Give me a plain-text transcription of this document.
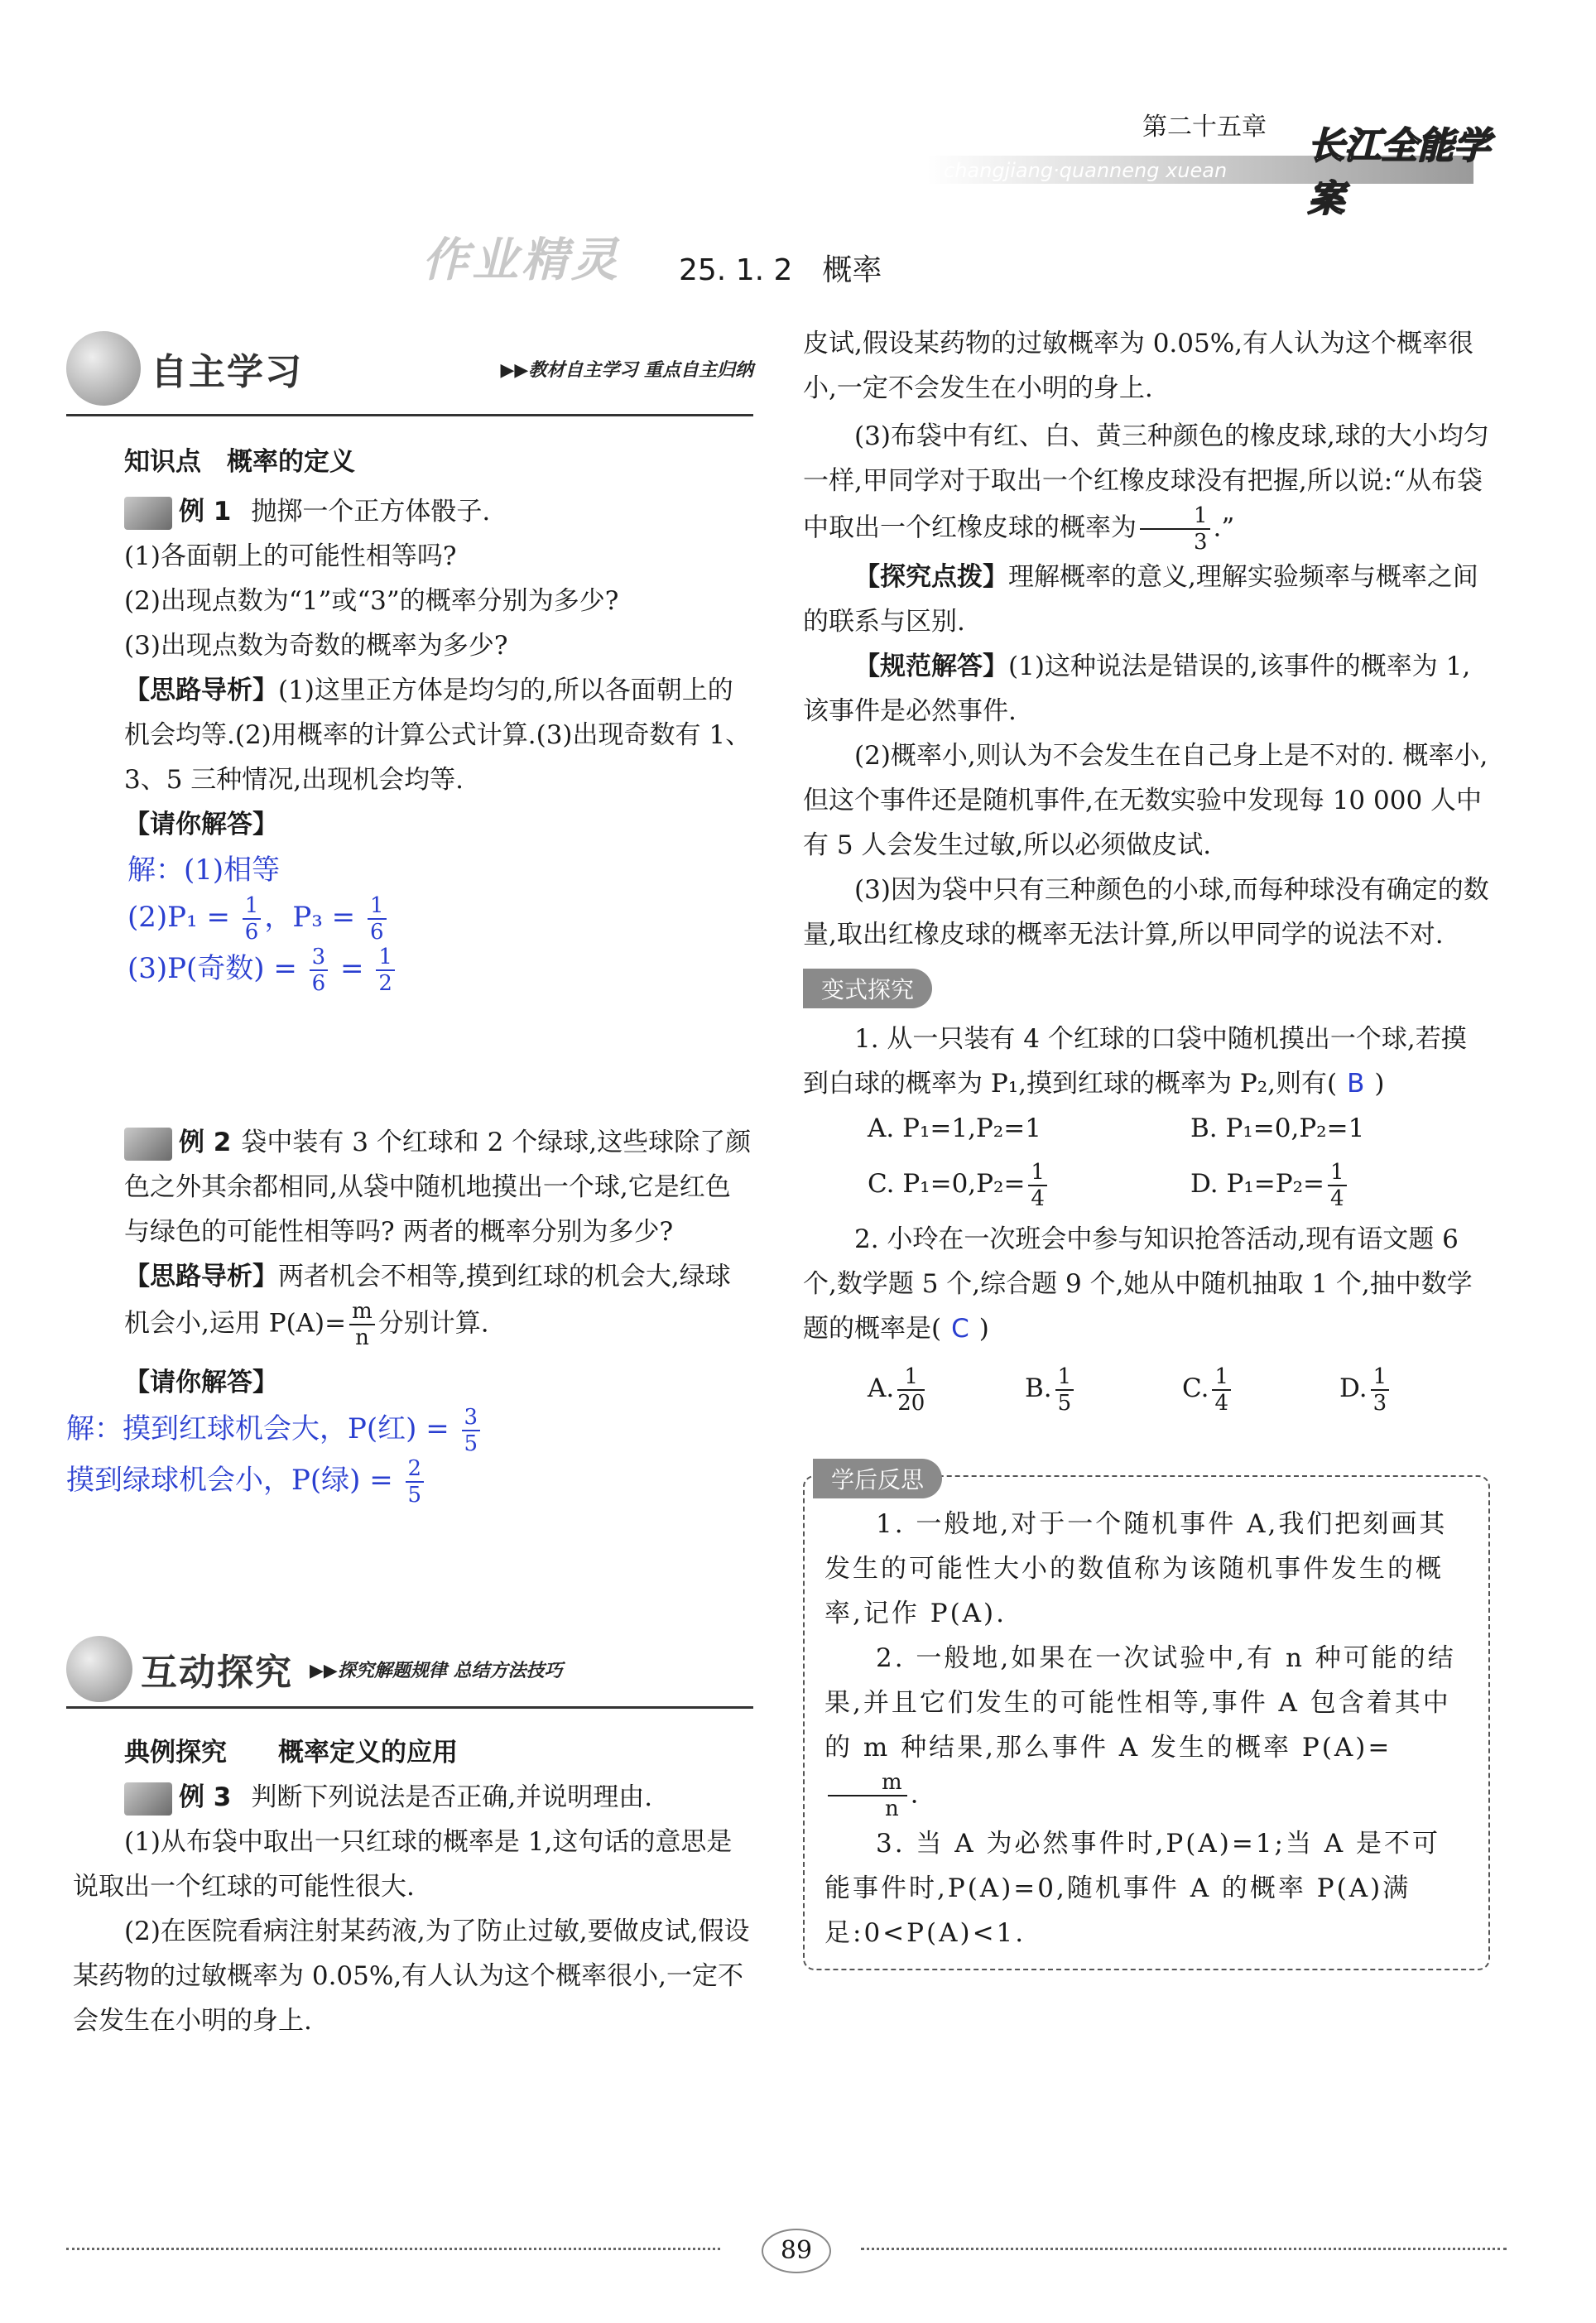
第二十五章
changjiang·quanneng xuean
长江全能学案
作业精灵 25. 1. 2　概率
自主学习	▶▶教材自主学习 重点自主归纳

知识点　概率的定义

例 1 抛掷一个正方体骰子.

(1)各面朝上的可能性相等吗?

(2)出现点数为“1”或“3”的概率分别为多少?

(3)出现点数为奇数的概率为多少?

【思路导析】(1)这里正方体是均匀的,所以各面朝上的机会均等.(2)用概率的计算公式计算.(3)出现奇数有 1、3、5 三种情况,出现机会均等.

【请你解答】

解：(1)相等
$(2)P_1 = \frac{1}{6}$ ，$P_3 = \frac{1}{6}$
(3)P(奇数) = $\frac{3}{6} = \frac{1}{2}$

例 2 袋中装有 3 个红球和 2 个绿球,这些球除了颜色之外其余都相同,从袋中随机地摸出一个球,它是红色与绿色的可能性相等吗? 两者的概率分别为多少?

【思路导析】两者机会不相等,摸到红球的机会大,绿球机会小,运用 $P(A)= \frac{m}{n}$ 分别计算.

【请你解答】

解：摸到红球机会大，P(红) = $\frac{3}{5}$
摸到绿球机会小，P(绿) = $\frac{2}{5}$
互动探究 ▶▶探究解题规律 总结方法技巧

典例探究　　概率定义的应用

例 3 判断下列说法是否正确,并说明理由.

(1)从布袋中取出一只红球的概率是 1,这句话的意思是说取出一个红球的可能性很大.

(2)在医院看病注射某药液,为了防止过敏,要做皮试,假设某药物的过敏概率为 0.05%,有人认为这个概率很小,一定不会发生在小明的身上.

皮试,假设某药物的过敏概率为 0.05%,有人认为这个概率很小,一定不会发生在小明的身上.

(3)布袋中有红、白、黄三种颜色的橡皮球,球的大小均匀一样,甲同学对于取出一个红橡皮球没有把握,所以说:“从布袋中取出一个红橡皮球的概率为 $\frac{1}{3}$ .”

【探究点拨】理解概率的意义,理解实验频率与概率之间的联系与区别.

【规范解答】(1)这种说法是错误的,该事件的概率为 1,该事件是必然事件.

(2)概率小,则认为不会发生在自己身上是不对的. 概率小,但这个事件还是随机事件,在无数实验中发现每 10 000 人中有 5 人会发生过敏,所以必须做皮试.

(3)因为袋中只有三种颜色的小球,而每种球没有确定的数量,取出红橡皮球的概率无法计算,所以甲同学的说法不对.

变式探究

1. 从一只装有 4 个红球的口袋中随机摸出一个球,若摸到白球的概率为 P₁,摸到红球的概率为 P₂,则有( B )

A. P₁=1,P₂=1	B. P₁=0,P₂=1
C. $P_1=0,P_2= \frac{1}{4}$	D. $P_1=P_2= \frac{1}{4}$

2. 小玲在一次班会中参与知识抢答活动,现有语文题 6 个,数学题 5 个,综合题 9 个,她从中随机抽取 1 个,抽中数学题的概率是( C )

A. $\frac{1}{20}$	B. $\frac{1}{5}$	C. $\frac{1}{4}$	D. $\frac{1}{3}$
学后反思

1. 一般地,对于一个随机事件 A,我们把刻画其发生的可能性大小的数值称为该随机事件发生的概率,记作 P(A).

2. 一般地,如果在一次试验中,有 n 种可能的结果,并且它们发生的可能性相等,事件 A 包含着其中的 m 种结果,那么事件 A 发生的概率 P(A)=
$\frac{m}{n}$ .

3. 当 A 为必然事件时,P(A)=1;当 A 是不可能事件时,P(A)=0,随机事件 A 的概率 P(A)满足:0<P(A)<1.

89
